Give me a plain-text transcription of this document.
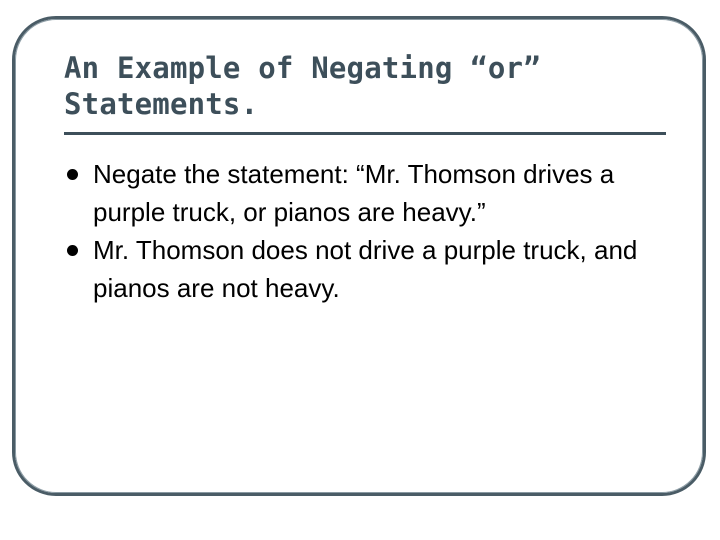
An Example of Negating “or” Statements.
Negate the statement: “Mr. Thomson drives a purple truck, or pianos are heavy.”
Mr. Thomson does not drive a purple truck, and pianos are not heavy.
